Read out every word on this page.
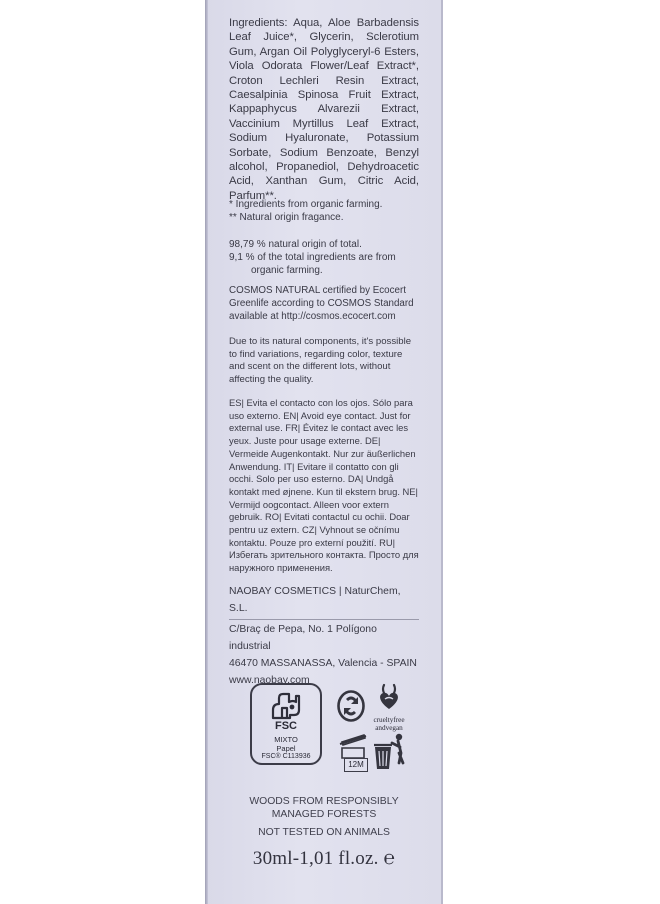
Ingredients: Aqua, Aloe Barbadensis Leaf Juice*, Glycerin, Sclerotium Gum, Argan Oil Polyglyceryl-6 Esters, Viola Odorata Flower/Leaf Extract*, Croton Lechleri Resin Extract, Caesalpinia Spinosa Fruit Extract, Kappaphycus Alvarezii Extract, Vaccinium Myrtillus Leaf Extract, Sodium Hyaluronate, Potassium Sorbate, Sodium Benzoate, Benzyl alcohol, Propanediol, Dehydroacetic Acid, Xanthan Gum, Citric Acid, Parfum**.
* Ingredients from organic farming.
** Natural origin fragance.
98,79 % natural origin of total.
9,1 % of the total ingredients are from
organic farming.
COSMOS NATURAL certified by Ecocert Greenlife according to COSMOS Standard available at http://cosmos.ecocert.com
Due to its natural components, it's possible to find variations, regarding color, texture and scent on the different lots, without affecting the quality.
ES| Evita el contacto con los ojos. Sólo para uso externo. EN| Avoid eye contact. Just for external use. FR| Évitez le contact avec les yeux. Juste pour usage externe. DE| Vermeide Augenkontakt. Nur zur äußerlichen Anwendung. IT| Evitare il contatto con gli occhi. Solo per uso esterno. DA| Undgå kontakt med øjnene. Kun til ekstern brug. NE| Vermijd oogcontact. Alleen voor extern gebruik. RO| Evitati contactul cu ochii. Doar pentru uz extern. CZ| Vyhnout se očnímu kontaktu. Pouze pro externí použití. RU| Избегать зрительного контакта. Просто для наружного применения.
NAOBAY COSMETICS | NaturChem, S.L.
C/Braç de Pepa, No. 1 Polígono industrial
46470 MASSANASSA, Valencia - SPAIN
www.naobay.com
FSC
MIXTO
Papel
FSC® C113936
crueltyfree
andvegan
12M
WOODS FROM RESPONSIBLY
MANAGED FORESTS
NOT TESTED ON ANIMALS
30ml-1,01 fl.oz. ℮
